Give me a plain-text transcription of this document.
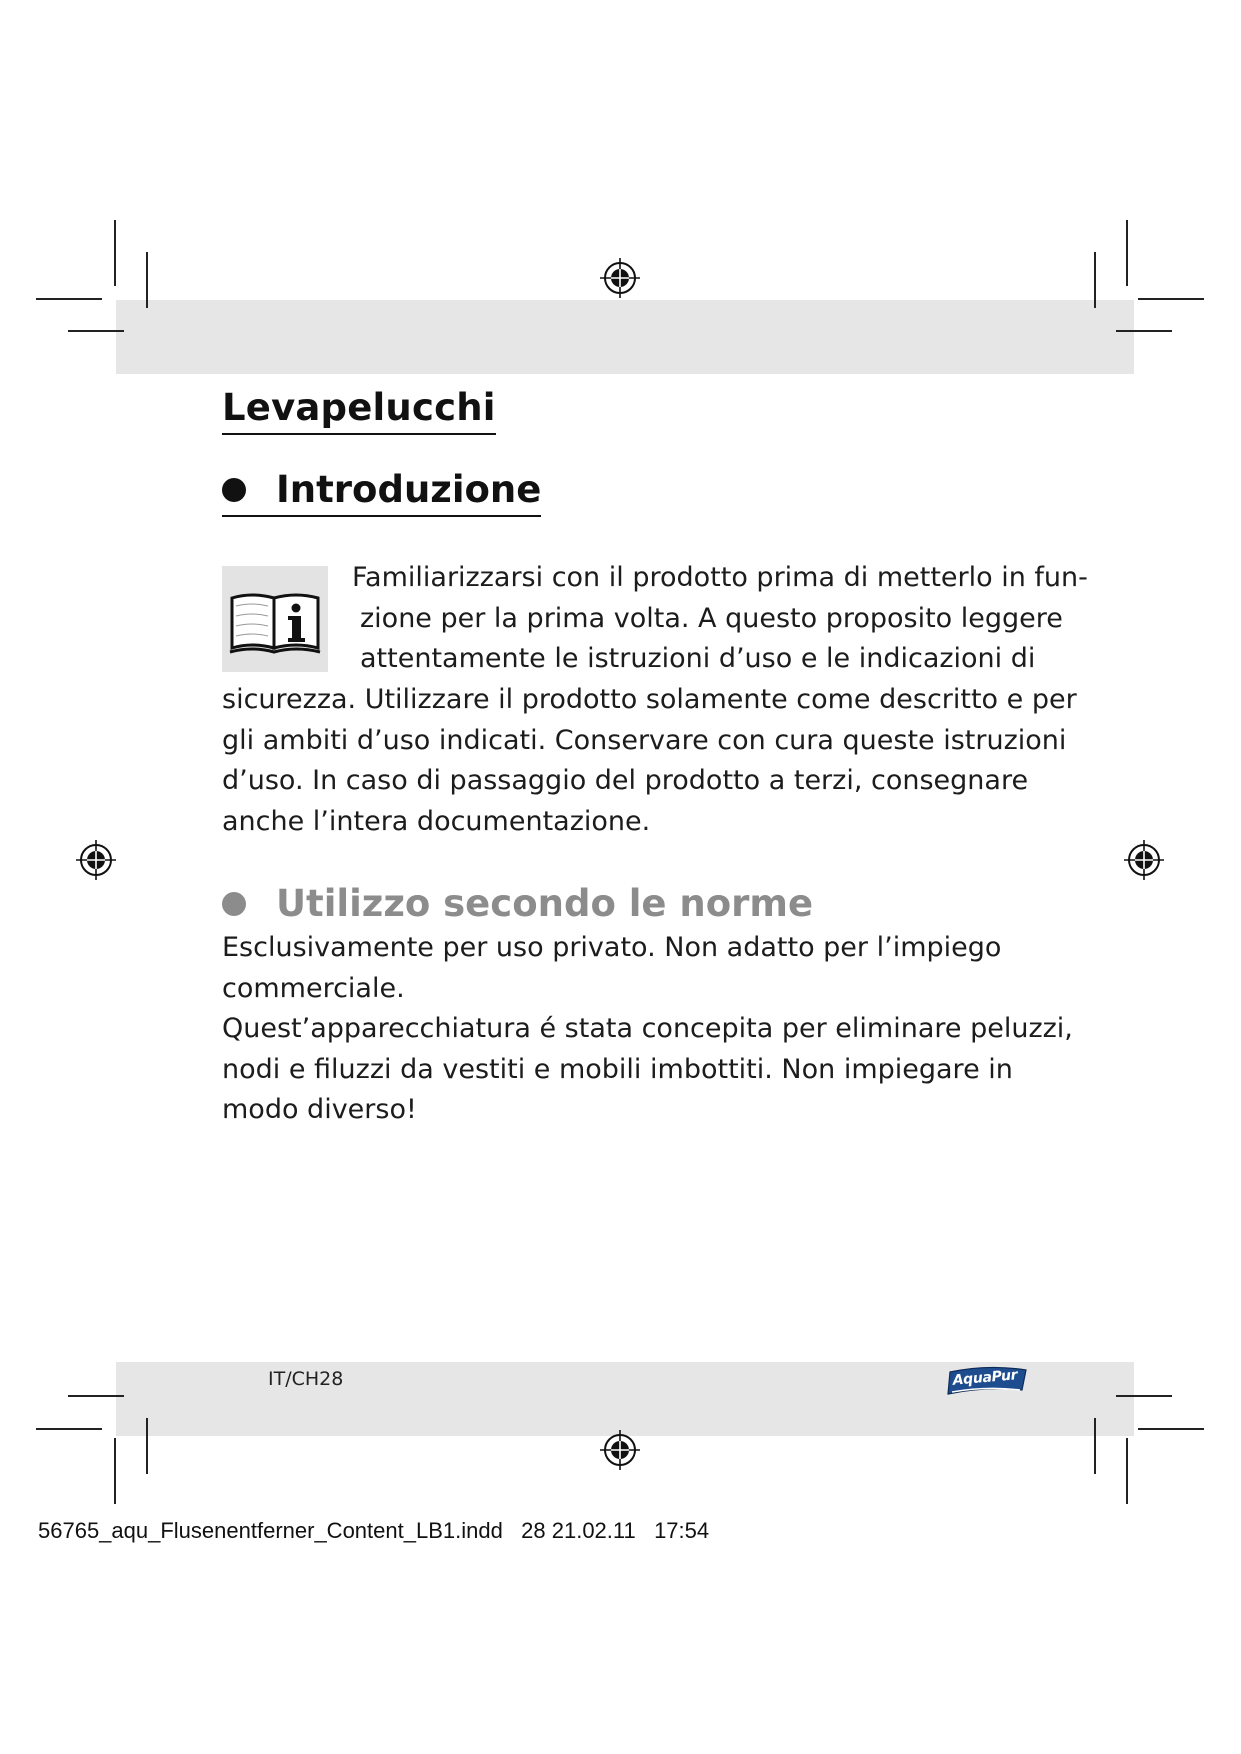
Levapelucchi
Introduzione
Familiarizzarsi con il prodotto prima di metterlo in fun-
zione per la prima volta. A questo proposito leggere
attentamente le istruzioni d’uso e le indicazioni di
sicurezza. Utilizzare il prodotto solamente come descritto e per
gli ambiti d’uso indicati. Conservare con cura queste istruzioni
d’uso. In caso di passaggio del prodotto a terzi, consegnare
anche l’intera documentazione.
Utilizzo secondo le norme
Esclusivamente per uso privato. Non adatto per l’impiego
commerciale.
Quest’apparecchiatura é stata concepita per eliminare peluzzi,
nodi e filuzzi da vestiti e mobili imbottiti. Non impiegare in
modo diverso!

IT/CH28	AquaPur

56765_aqu_Flusenentferner_Content_LB1.indd   28 21.02.11   17:54
